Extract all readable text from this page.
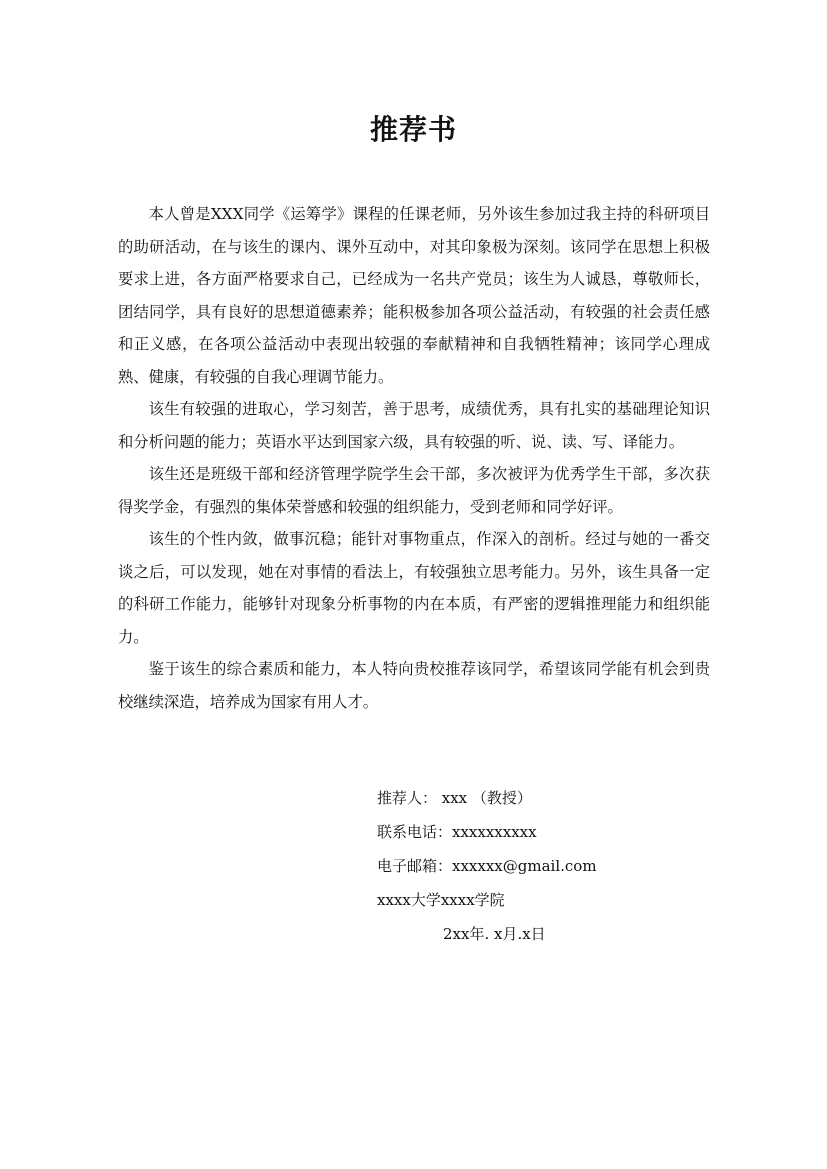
推荐书

本人曾是XXX同学《运筹学》课程的任课老师，另外该生参加过我主持的科研项目的助研活动，在与该生的课内、课外互动中，对其印象极为深刻。该同学在思想上积极要求上进，各方面严格要求自己，已经成为一名共产党员；该生为人诚恳，尊敬师长，团结同学，具有良好的思想道德素养；能积极参加各项公益活动，有较强的社会责任感和正义感，在各项公益活动中表现出较强的奉献精神和自我牺牲精神；该同学心理成熟、健康，有较强的自我心理调节能力。

该生有较强的进取心，学习刻苦，善于思考，成绩优秀，具有扎实的基础理论知识和分析问题的能力；英语水平达到国家六级，具有较强的听、说、读、写、译能力。

该生还是班级干部和经济管理学院学生会干部，多次被评为优秀学生干部，多次获得奖学金，有强烈的集体荣誉感和较强的组织能力，受到老师和同学好评。

该生的个性内敛，做事沉稳；能针对事物重点，作深入的剖析。经过与她的一番交谈之后，可以发现，她在对事情的看法上，有较强独立思考能力。另外，该生具备一定的科研工作能力，能够针对现象分析事物的内在本质，有严密的逻辑推理能力和组织能力。

鉴于该生的综合素质和能力，本人特向贵校推荐该同学，希望该同学能有机会到贵校继续深造，培养成为国家有用人才。

推荐人： xxx （教授）
联系电话：xxxxxxxxxx
电子邮箱：xxxxxx@gmail.com
xxxx大学xxxx学院
2xx年. x月.x日
